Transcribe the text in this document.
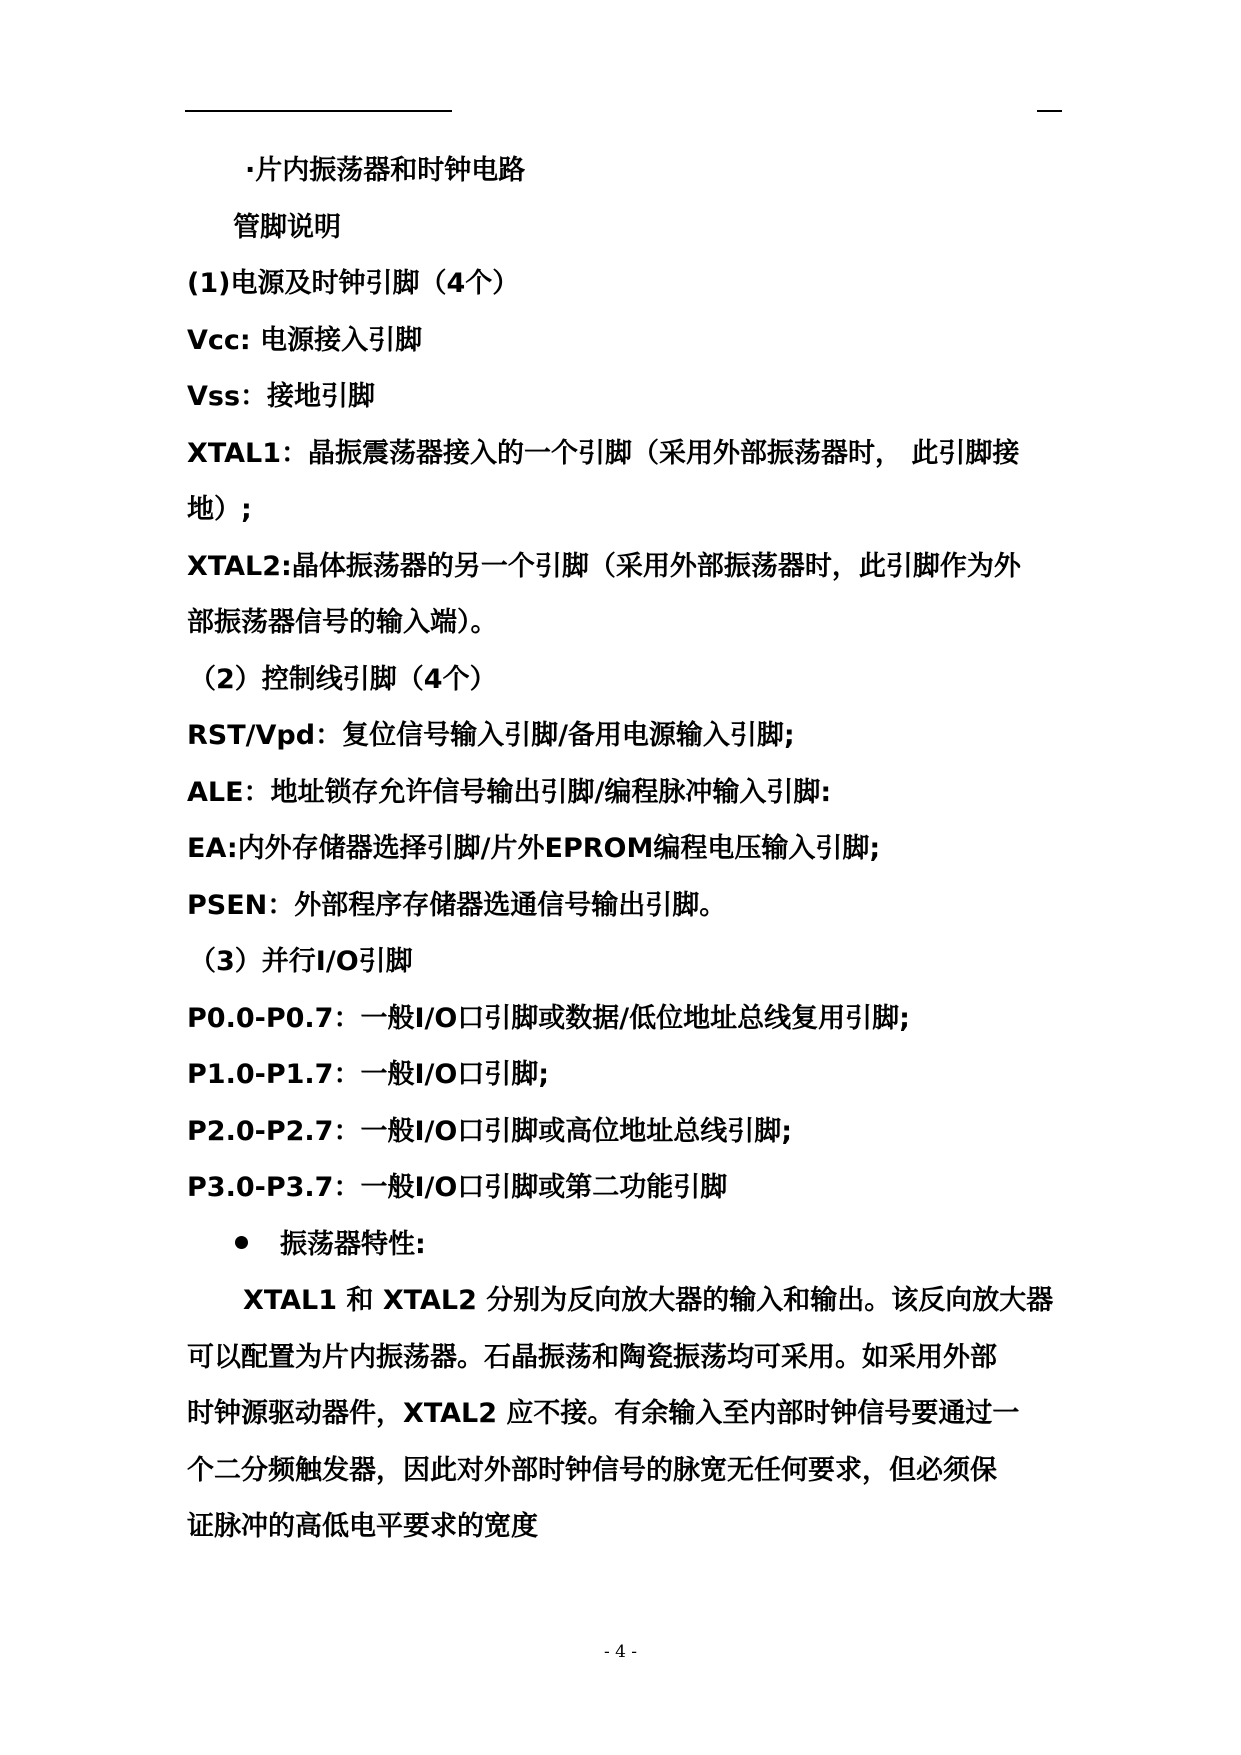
·片内振荡器和时钟电路
管脚说明
(1)电源及时钟引脚（4个）
Vcc: 电源接入引脚
Vss：接地引脚
XTAL1：晶振震荡器接入的一个引脚（采用外部振荡器时， 此引脚接
地）;
XTAL2:晶体振荡器的另一个引脚（采用外部振荡器时，此引脚作为外
部振荡器信号的输入端）。
（2）控制线引脚（4个）
RST/Vpd：复位信号输入引脚/备用电源输入引脚;
ALE：地址锁存允许信号输出引脚/编程脉冲输入引脚:
EA:内外存储器选择引脚/片外EPROM编程电压输入引脚;
PSEN：外部程序存储器选通信号输出引脚。
（3）并行I/O引脚
P0.0-P0.7：一般I/O口引脚或数据/低位地址总线复用引脚;
P1.0-P1.7：一般I/O口引脚;
P2.0-P2.7：一般I/O口引脚或高位地址总线引脚;
P3.0-P3.7：一般I/O口引脚或第二功能引脚
振荡器特性:
XTAL1 和 XTAL2 分别为反向放大器的输入和输出。该反向放大器
可以配置为片内振荡器。石晶振荡和陶瓷振荡均可采用。如采用外部
时钟源驱动器件，XTAL2 应不接。有余输入至内部时钟信号要通过一
个二分频触发器，因此对外部时钟信号的脉宽无任何要求，但必须保
证脉冲的高低电平要求的宽度
- 4 -
